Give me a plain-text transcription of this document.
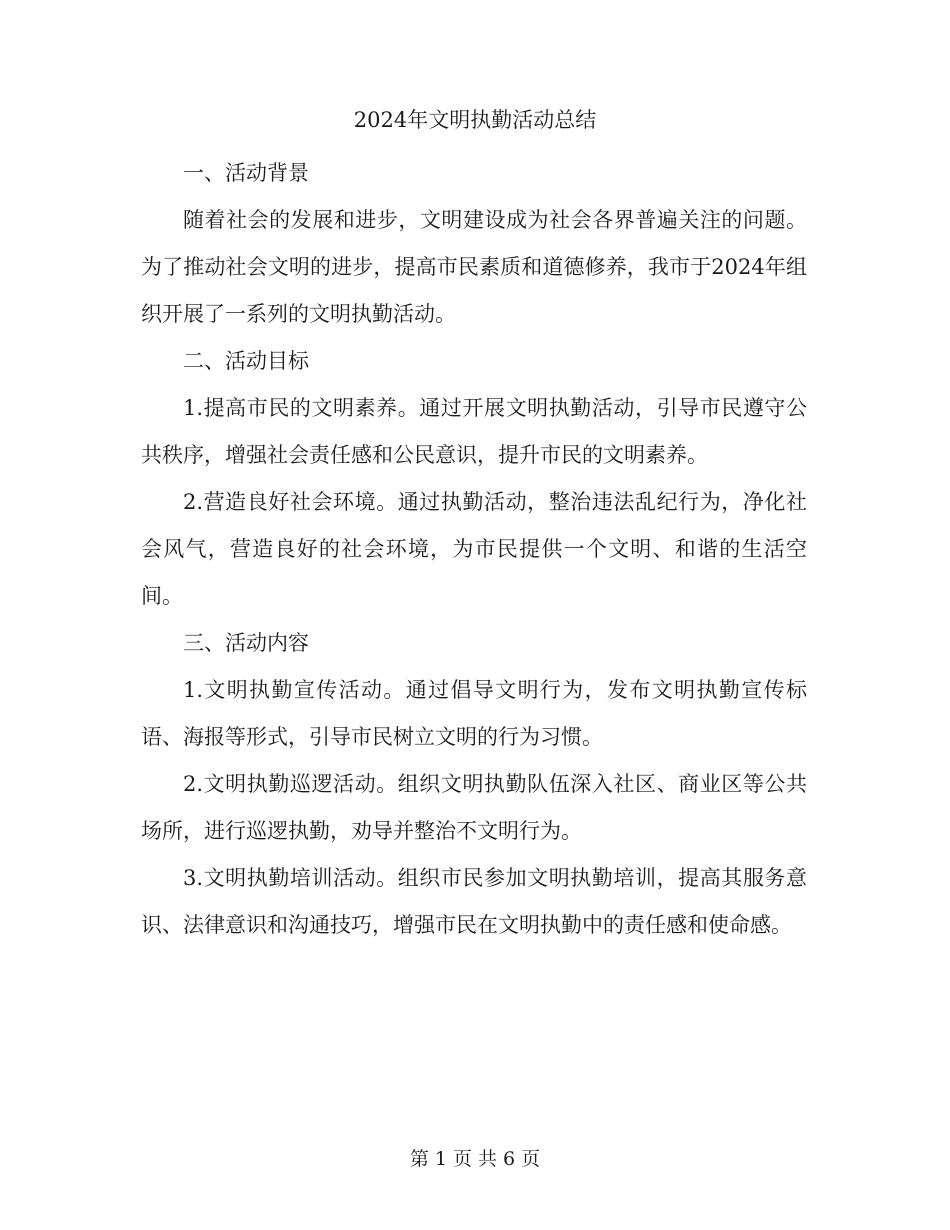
2024年文明执勤活动总结

一、活动背景

随着社会的发展和进步，文明建设成为社会各界普遍关注的问题。为了推动社会文明的进步，提高市民素质和道德修养，我市于2024年组织开展了一系列的文明执勤活动。

二、活动目标

1.提高市民的文明素养。通过开展文明执勤活动，引导市民遵守公共秩序，增强社会责任感和公民意识，提升市民的文明素养。

2.营造良好社会环境。通过执勤活动，整治违法乱纪行为，净化社会风气，营造良好的社会环境，为市民提供一个文明、和谐的生活空间。

三、活动内容

1.文明执勤宣传活动。通过倡导文明行为，发布文明执勤宣传标语、海报等形式，引导市民树立文明的行为习惯。

2.文明执勤巡逻活动。组织文明执勤队伍深入社区、商业区等公共场所，进行巡逻执勤，劝导并整治不文明行为。

3.文明执勤培训活动。组织市民参加文明执勤培训，提高其服务意识、法律意识和沟通技巧，增强市民在文明执勤中的责任感和使命感。

第 1 页 共 6 页
